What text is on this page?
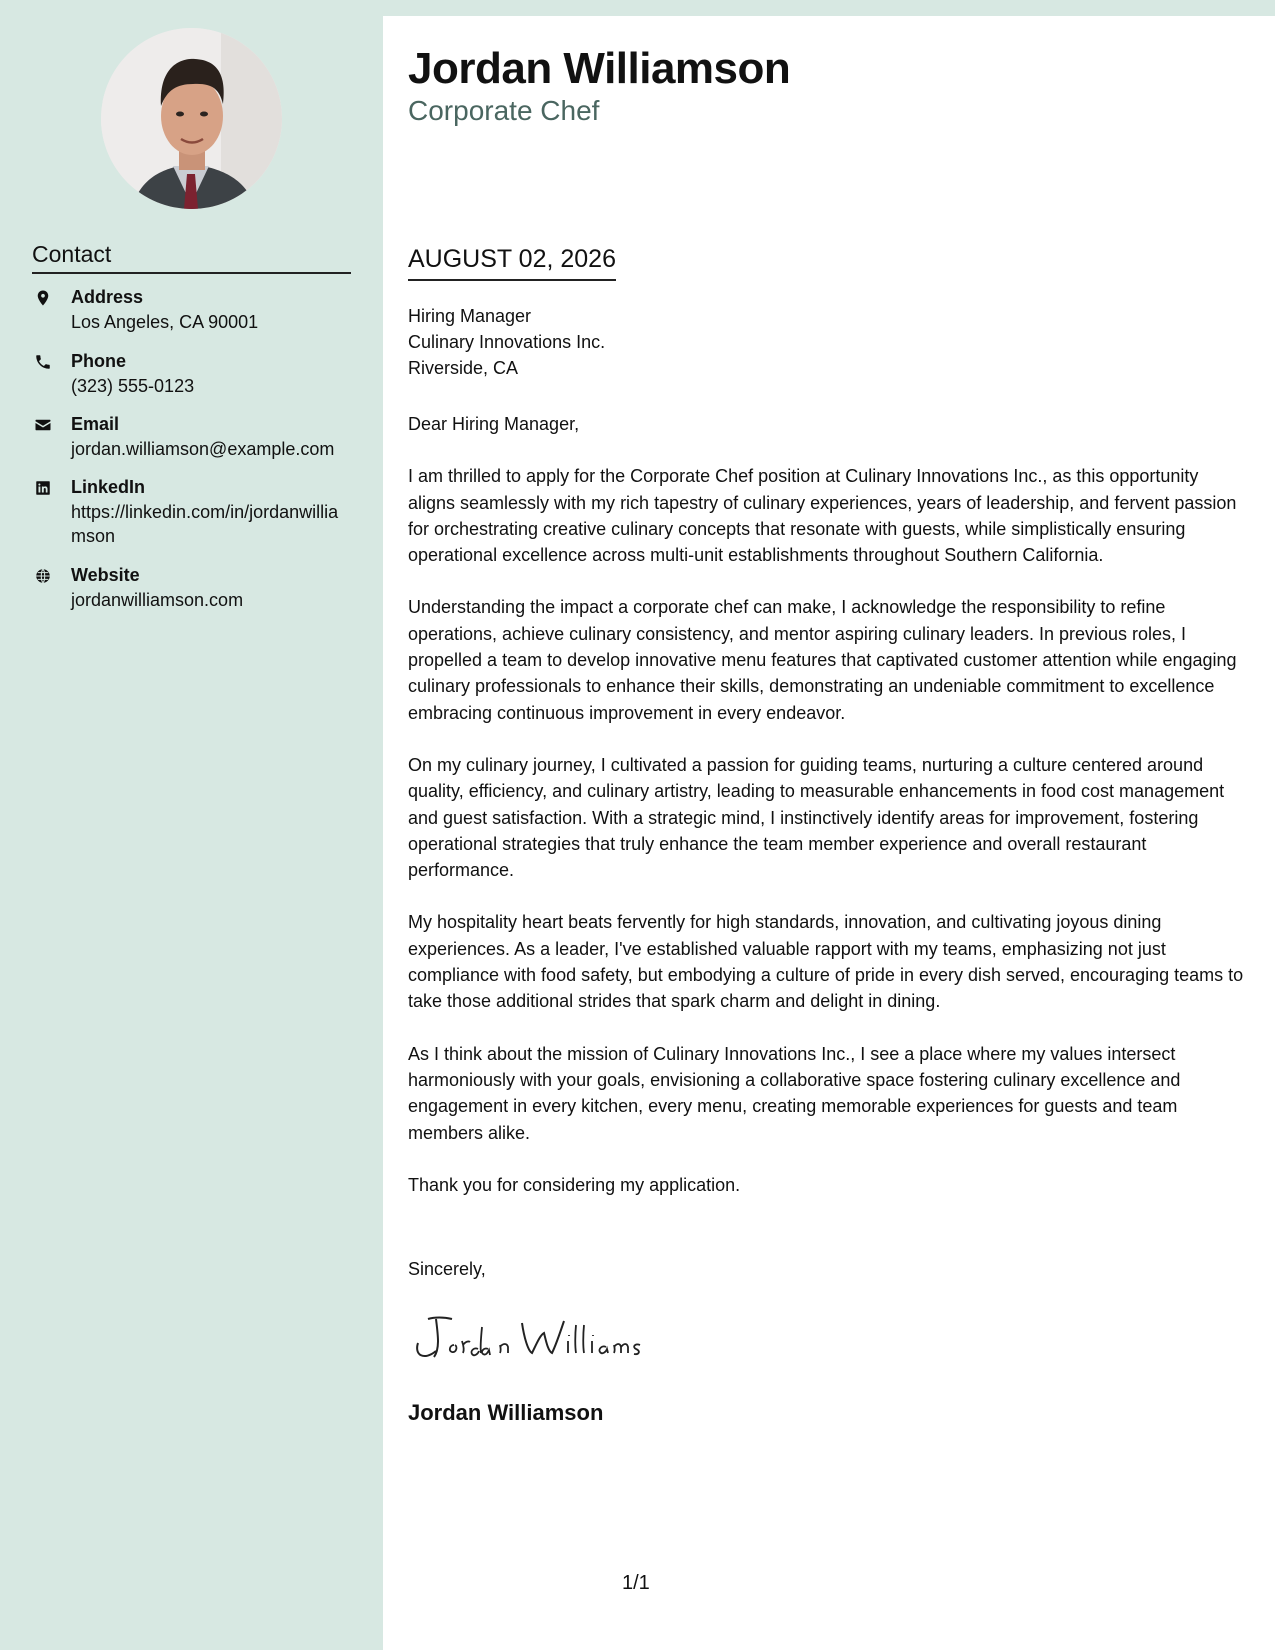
Contact
Address
Los Angeles, CA 90001
Phone
(323) 555-0123
Email
jordan.williamson@example.com
LinkedIn
https://linkedin.com/in/jordanwilliamson
Website
jordanwilliamson.com
Jordan Williamson
Corporate Chef
AUGUST 02, 2026
Hiring Manager
Culinary Innovations Inc.
Riverside, CA

Dear Hiring Manager,

I am thrilled to apply for the Corporate Chef position at Culinary Innovations Inc., as this opportunity aligns seamlessly with my rich tapestry of culinary experiences, years of leadership, and fervent passion for orchestrating creative culinary concepts that resonate with guests, while simplistically ensuring operational excellence across multi-unit establishments throughout Southern California.

Understanding the impact a corporate chef can make, I acknowledge the responsibility to refine operations, achieve culinary consistency, and mentor aspiring culinary leaders. In previous roles, I propelled a team to develop innovative menu features that captivated customer attention while engaging culinary professionals to enhance their skills, demonstrating an undeniable commitment to excellence embracing continuous improvement in every endeavor.

On my culinary journey, I cultivated a passion for guiding teams, nurturing a culture centered around quality, efficiency, and culinary artistry, leading to measurable enhancements in food cost management and guest satisfaction. With a strategic mind, I instinctively identify areas for improvement, fostering operational strategies that truly enhance the team member experience and overall restaurant performance.

My hospitality heart beats fervently for high standards, innovation, and cultivating joyous dining experiences. As a leader, I've established valuable rapport with my teams, emphasizing not just compliance with food safety, but embodying a culture of pride in every dish served, encouraging teams to take those additional strides that spark charm and delight in dining.

As I think about the mission of Culinary Innovations Inc., I see a place where my values intersect harmoniously with your goals, envisioning a collaborative space fostering culinary excellence and engagement in every kitchen, every menu, creating memorable experiences for guests and team members alike.

Thank you for considering my application.

Sincerely,
Jordan Williamson
1/1
